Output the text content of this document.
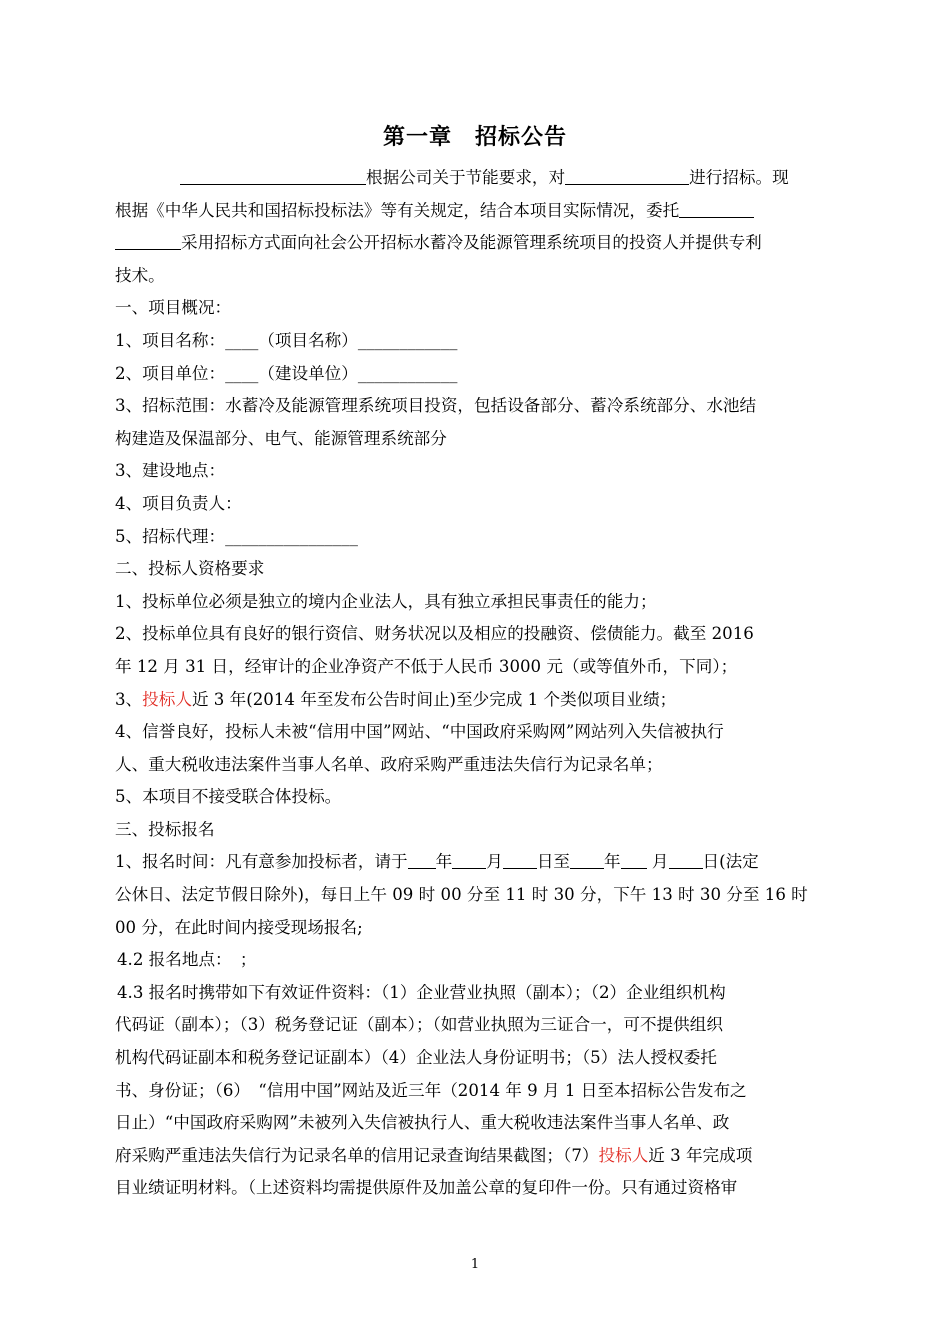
第一章　招标公告
根据公司关于节能要求，对	进行招标。现
根据《中华人民共和国招标投标法》等有关规定，结合本项目实际情况，委托
采用招标方式面向社会公开招标水蓄冷及能源管理系统项目的投资人并提供专利
技术。
一、项目概况：
1、项目名称：____（项目名称）____________
2、项目单位：____（建设单位）____________
3、招标范围：水蓄冷及能源管理系统项目投资，包括设备部分、蓄冷系统部分、水池结
构建造及保温部分、电气、能源管理系统部分
3、建设地点：
4、项目负责人：
5、招标代理：________________
二、投标人资格要求
1、投标单位必须是独立的境内企业法人，具有独立承担民事责任的能力；
2、投标单位具有良好的银行资信、财务状况以及相应的投融资、偿债能力。截至 2016
年 12 月 31 日，经审计的企业净资产不低于人民币 3000 元（或等值外币，下同）；
3、投标人近 3 年(2014 年至发布公告时间止)至少完成 1 个类似项目业绩；
4、信誉良好，投标人未被“信用中国”网站、“中国政府采购网”网站列入失信被执行
人、重大税收违法案件当事人名单、政府采购严重违法失信行为记录名单；
5、本项目不接受联合体投标。
三、投标报名
1、报名时间：凡有意参加投标者，请于 年 月 日至 年 月 日(法定
公休日、法定节假日除外)，每日上午 09 时 00 分至 11 时 30 分，下午 13 时 30 分至 16 时
00 分，在此时间内接受现场报名;
4.2 报名地点：　；
4.3 报名时携带如下有效证件资料：（1）企业营业执照（副本）；（2）企业组织机构
代码证（副本）；（3）税务登记证（副本）；（如营业执照为三证合一，可不提供组织
机构代码证副本和税务登记证副本）（4）企业法人身份证明书；（5）法人授权委托
书、身份证；（6）　“信用中国”网站及近三年（2014 年 9 月 1 日至本招标公告发布之
日止）“中国政府采购网”未被列入失信被执行人、重大税收违法案件当事人名单、政
府采购严重违法失信行为记录名单的信用记录查询结果截图；（7）投标人近 3 年完成项
目业绩证明材料。（上述资料均需提供原件及加盖公章的复印件一份。只有通过资格审
1
